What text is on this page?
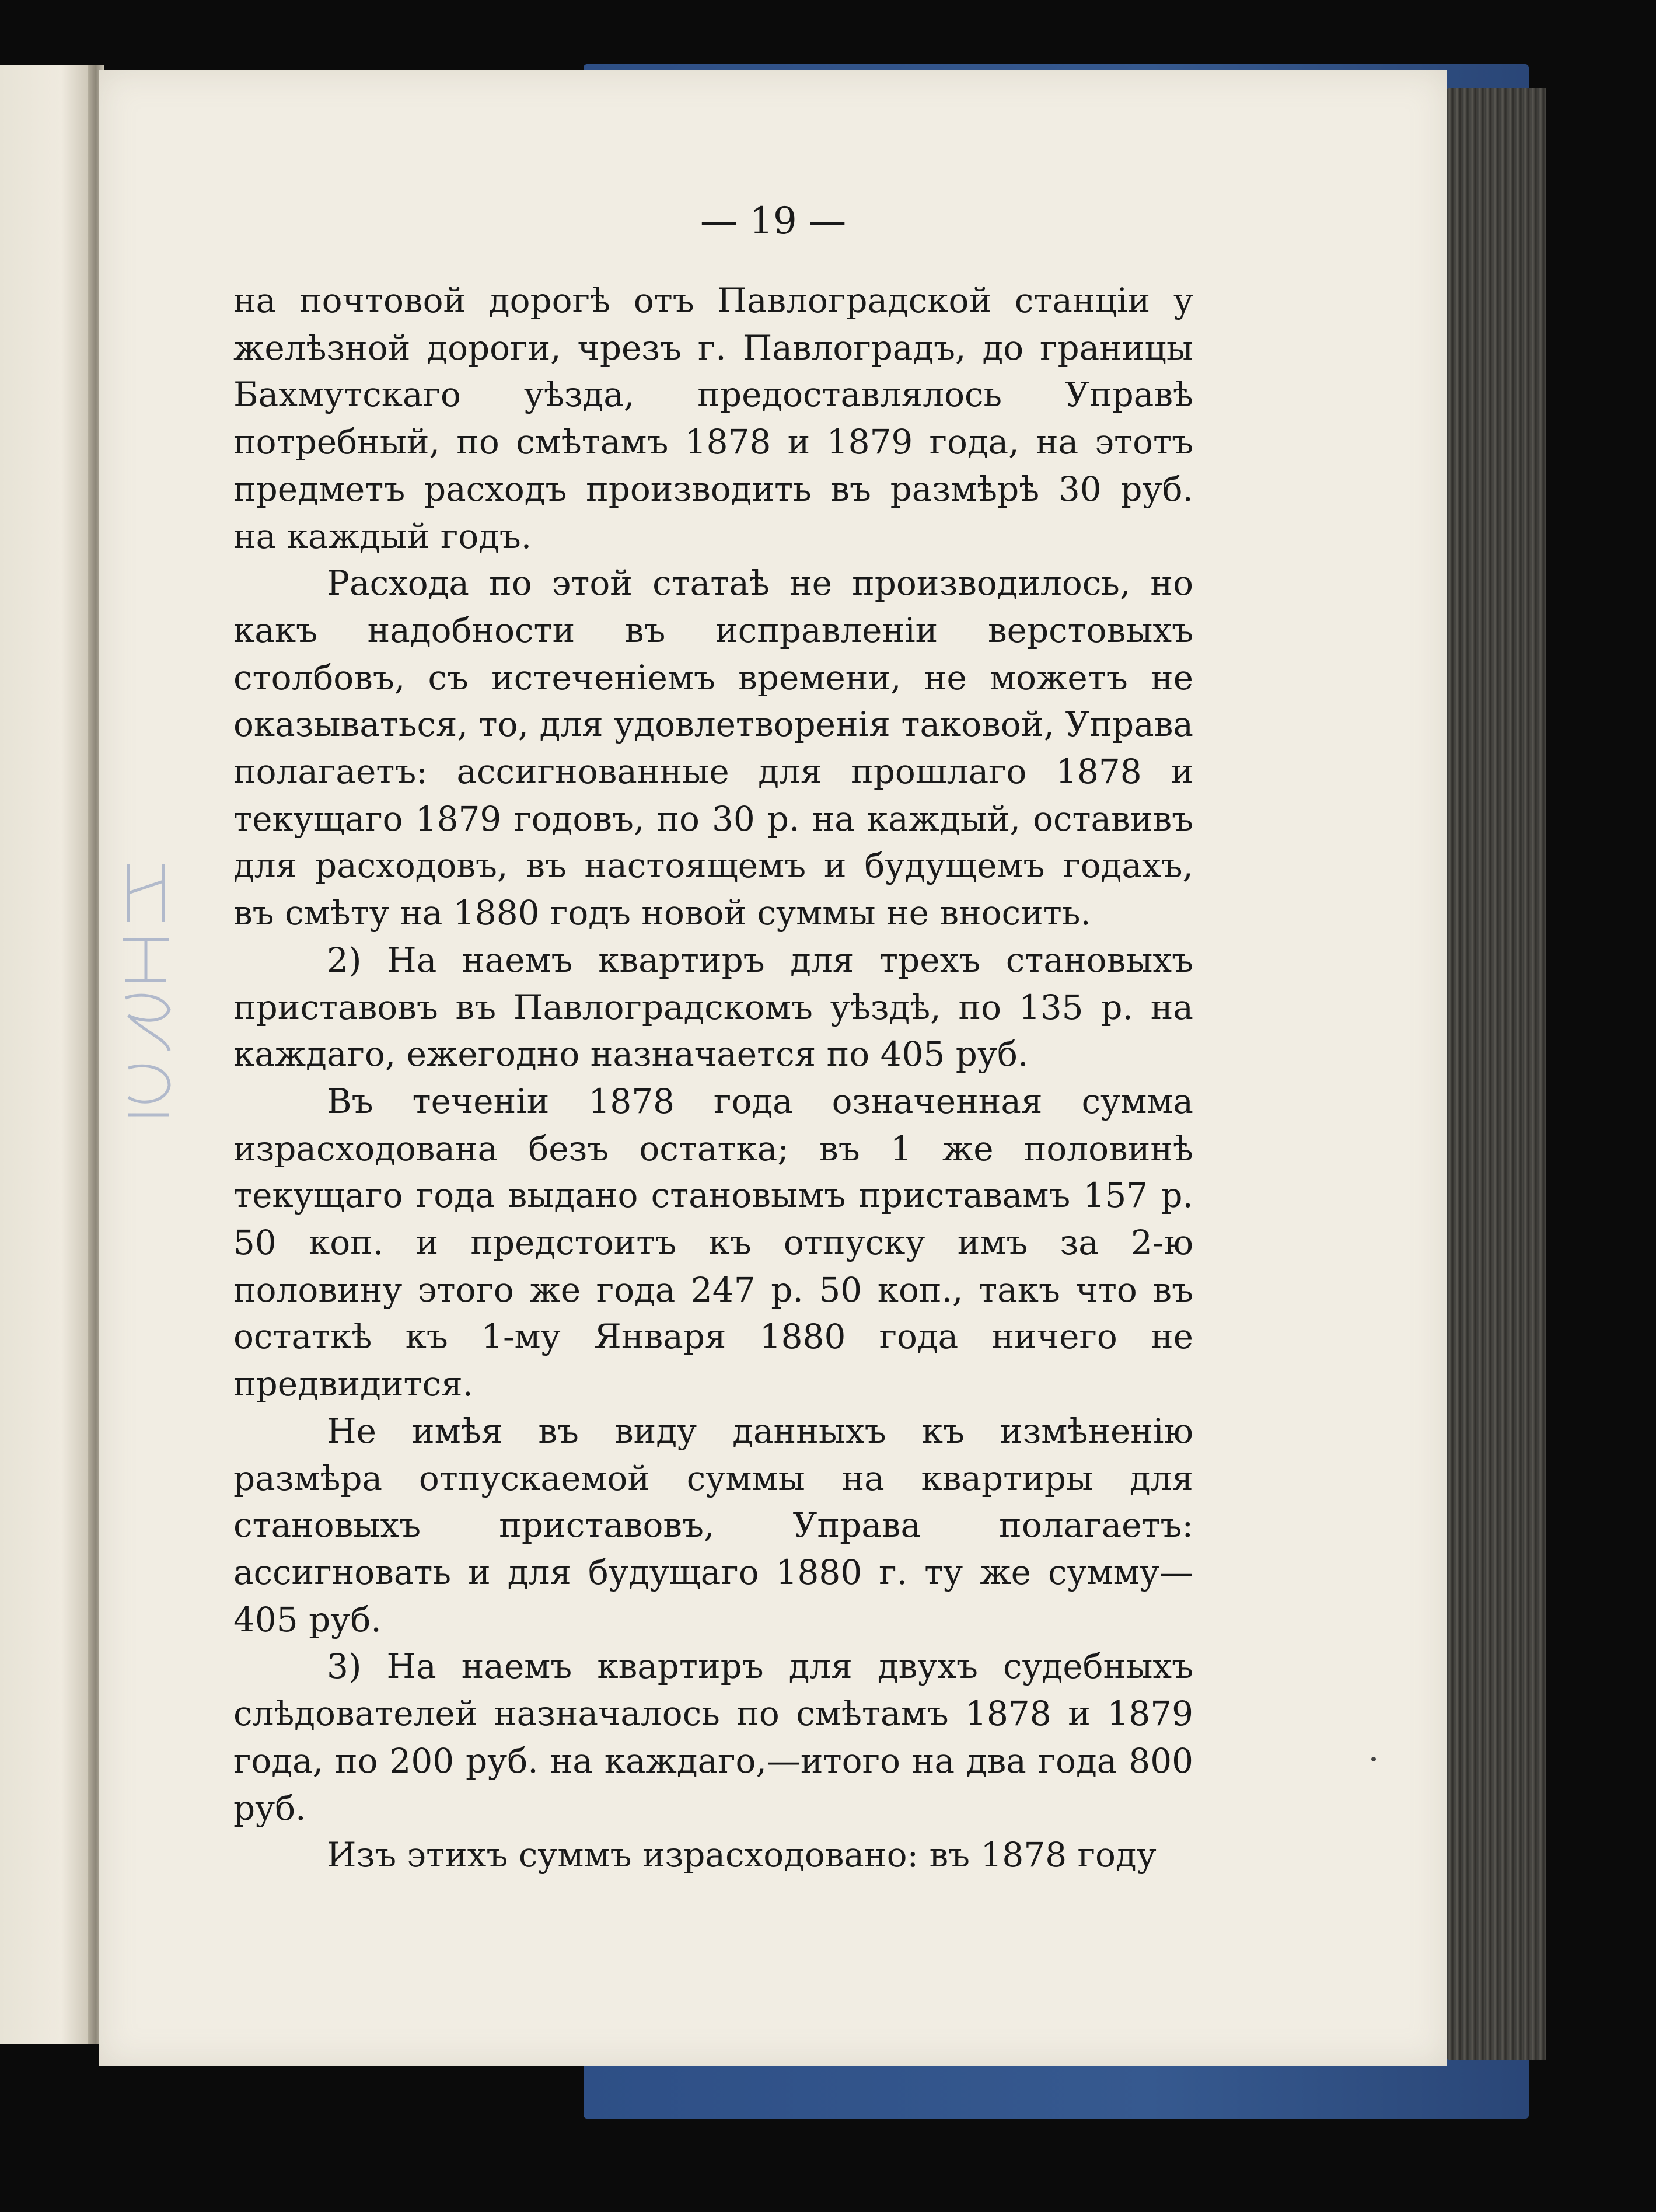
— 19 —

на почтовой дорогѣ отъ Павлоградской станціи у желѣзной дороги, чрезъ г. Павлоградъ, до границы Бахмутскаго уѣзда, предоставлялось Управѣ потребный, по смѣтамъ 1878 и 1879 года, на этотъ предметъ расходъ производить въ размѣрѣ 30 руб. на каждый годъ.

Расхода по этой статаѣ не производилось, но какъ надобности въ исправленіи верстовыхъ столбовъ, съ истеченіемъ времени, не можетъ не оказываться, то, для удовлетворенія таковой, Управа полагаетъ: ассигнованные для прошлаго 1878 и текущаго 1879 годовъ, по 30 р. на каждый, оставивъ для расходовъ, въ настоящемъ и будущемъ годахъ, въ смѣту на 1880 годъ новой суммы не вносить.

2) На наемъ квартиръ для трехъ становыхъ приставовъ въ Павлоградскомъ уѣздѣ, по 135 р. на каждаго, ежегодно назначается по 405 руб.

Въ теченіи 1878 года означенная сумма израсходована безъ остатка; въ 1 же половинѣ текущаго года выдано становымъ приставамъ 157 р. 50 коп. и предстоитъ къ отпуску имъ за 2-ю половину этого же года 247 р. 50 коп., такъ что въ остаткѣ къ 1-му Января 1880 года ничего не предвидится.

Не имѣя въ виду данныхъ къ измѣненію размѣра отпускаемой суммы на квартиры для становыхъ приставовъ, Управа полагаетъ: ассигновать и для будущаго 1880 г. ту же сумму—405 руб.

3) На наемъ квартиръ для двухъ судебныхъ слѣдователей назначалось по смѣтамъ 1878 и 1879 года, по 200 руб. на каждаго,—итого на два года 800 руб.

Изъ этихъ суммъ израсходовано: въ 1878 году
